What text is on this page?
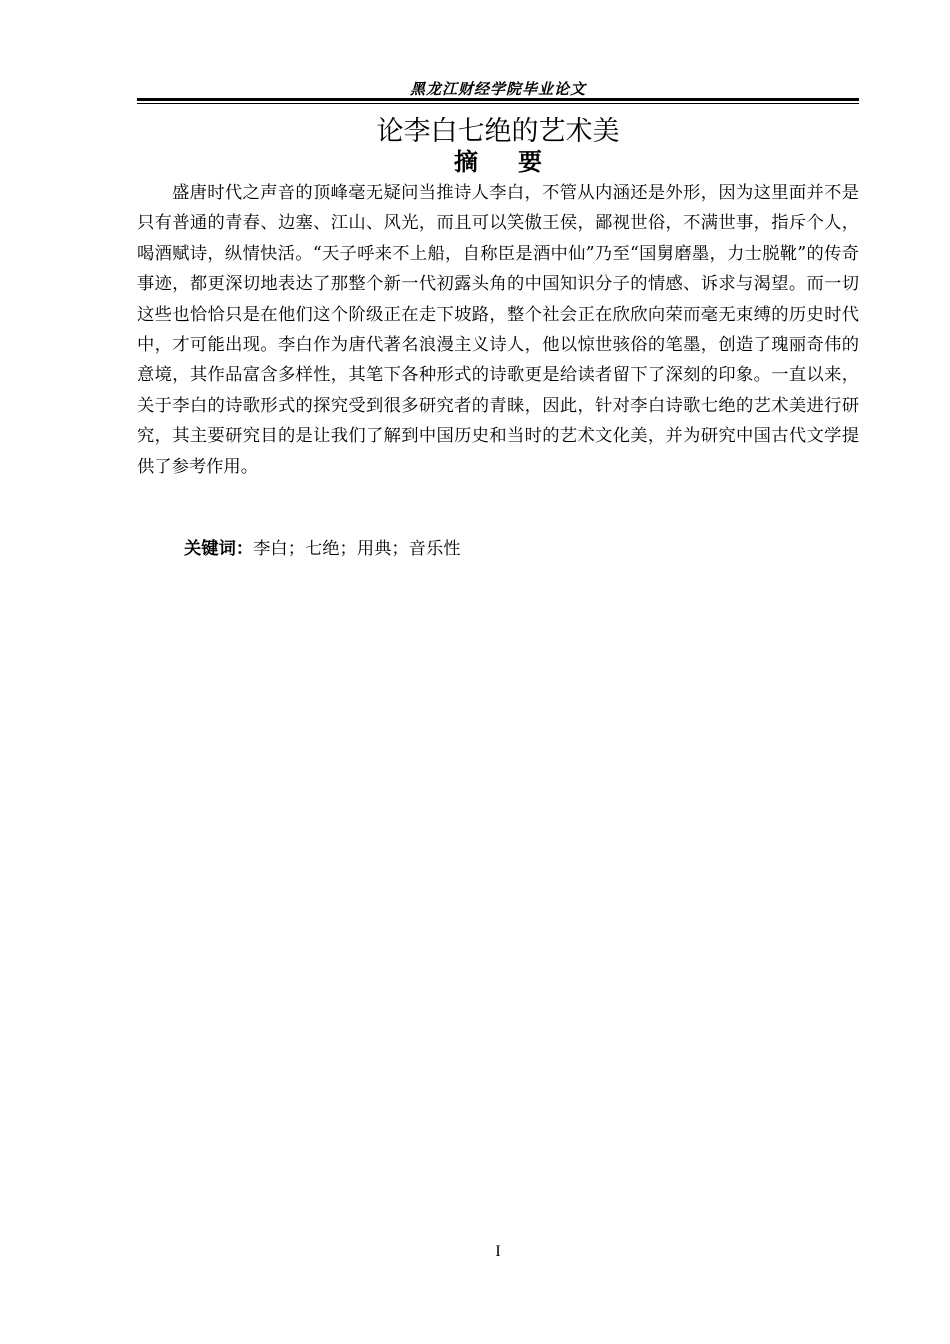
黑龙江财经学院毕业论文
论李白七绝的艺术美
摘要

盛唐时代之声音的顶峰毫无疑问当推诗人李白，不管从内涵还是外形，因为这里面并不是只有普通的青春、边塞、江山、风光，而且可以笑傲王侯，鄙视世俗，不满世事，指斥个人，喝酒赋诗，纵情快活。“天子呼来不上船，自称臣是酒中仙”乃至“国舅磨墨，力士脱靴”的传奇事迹，都更深切地表达了那整个新一代初露头角的中国知识分子的情感、诉求与渴望。而一切这些也恰恰只是在他们这个阶级正在走下坡路，整个社会正在欣欣向荣而毫无束缚的历史时代中，才可能出现。李白作为唐代著名浪漫主义诗人，他以惊世骇俗的笔墨，创造了瑰丽奇伟的意境，其作品富含多样性，其笔下各种形式的诗歌更是给读者留下了深刻的印象。一直以来，关于李白的诗歌形式的探究受到很多研究者的青睐，因此，针对李白诗歌七绝的艺术美进行研究，其主要研究目的是让我们了解到中国历史和当时的艺术文化美，并为研究中国古代文学提供了参考作用。

关键词：李白；七绝；用典；音乐性
I
